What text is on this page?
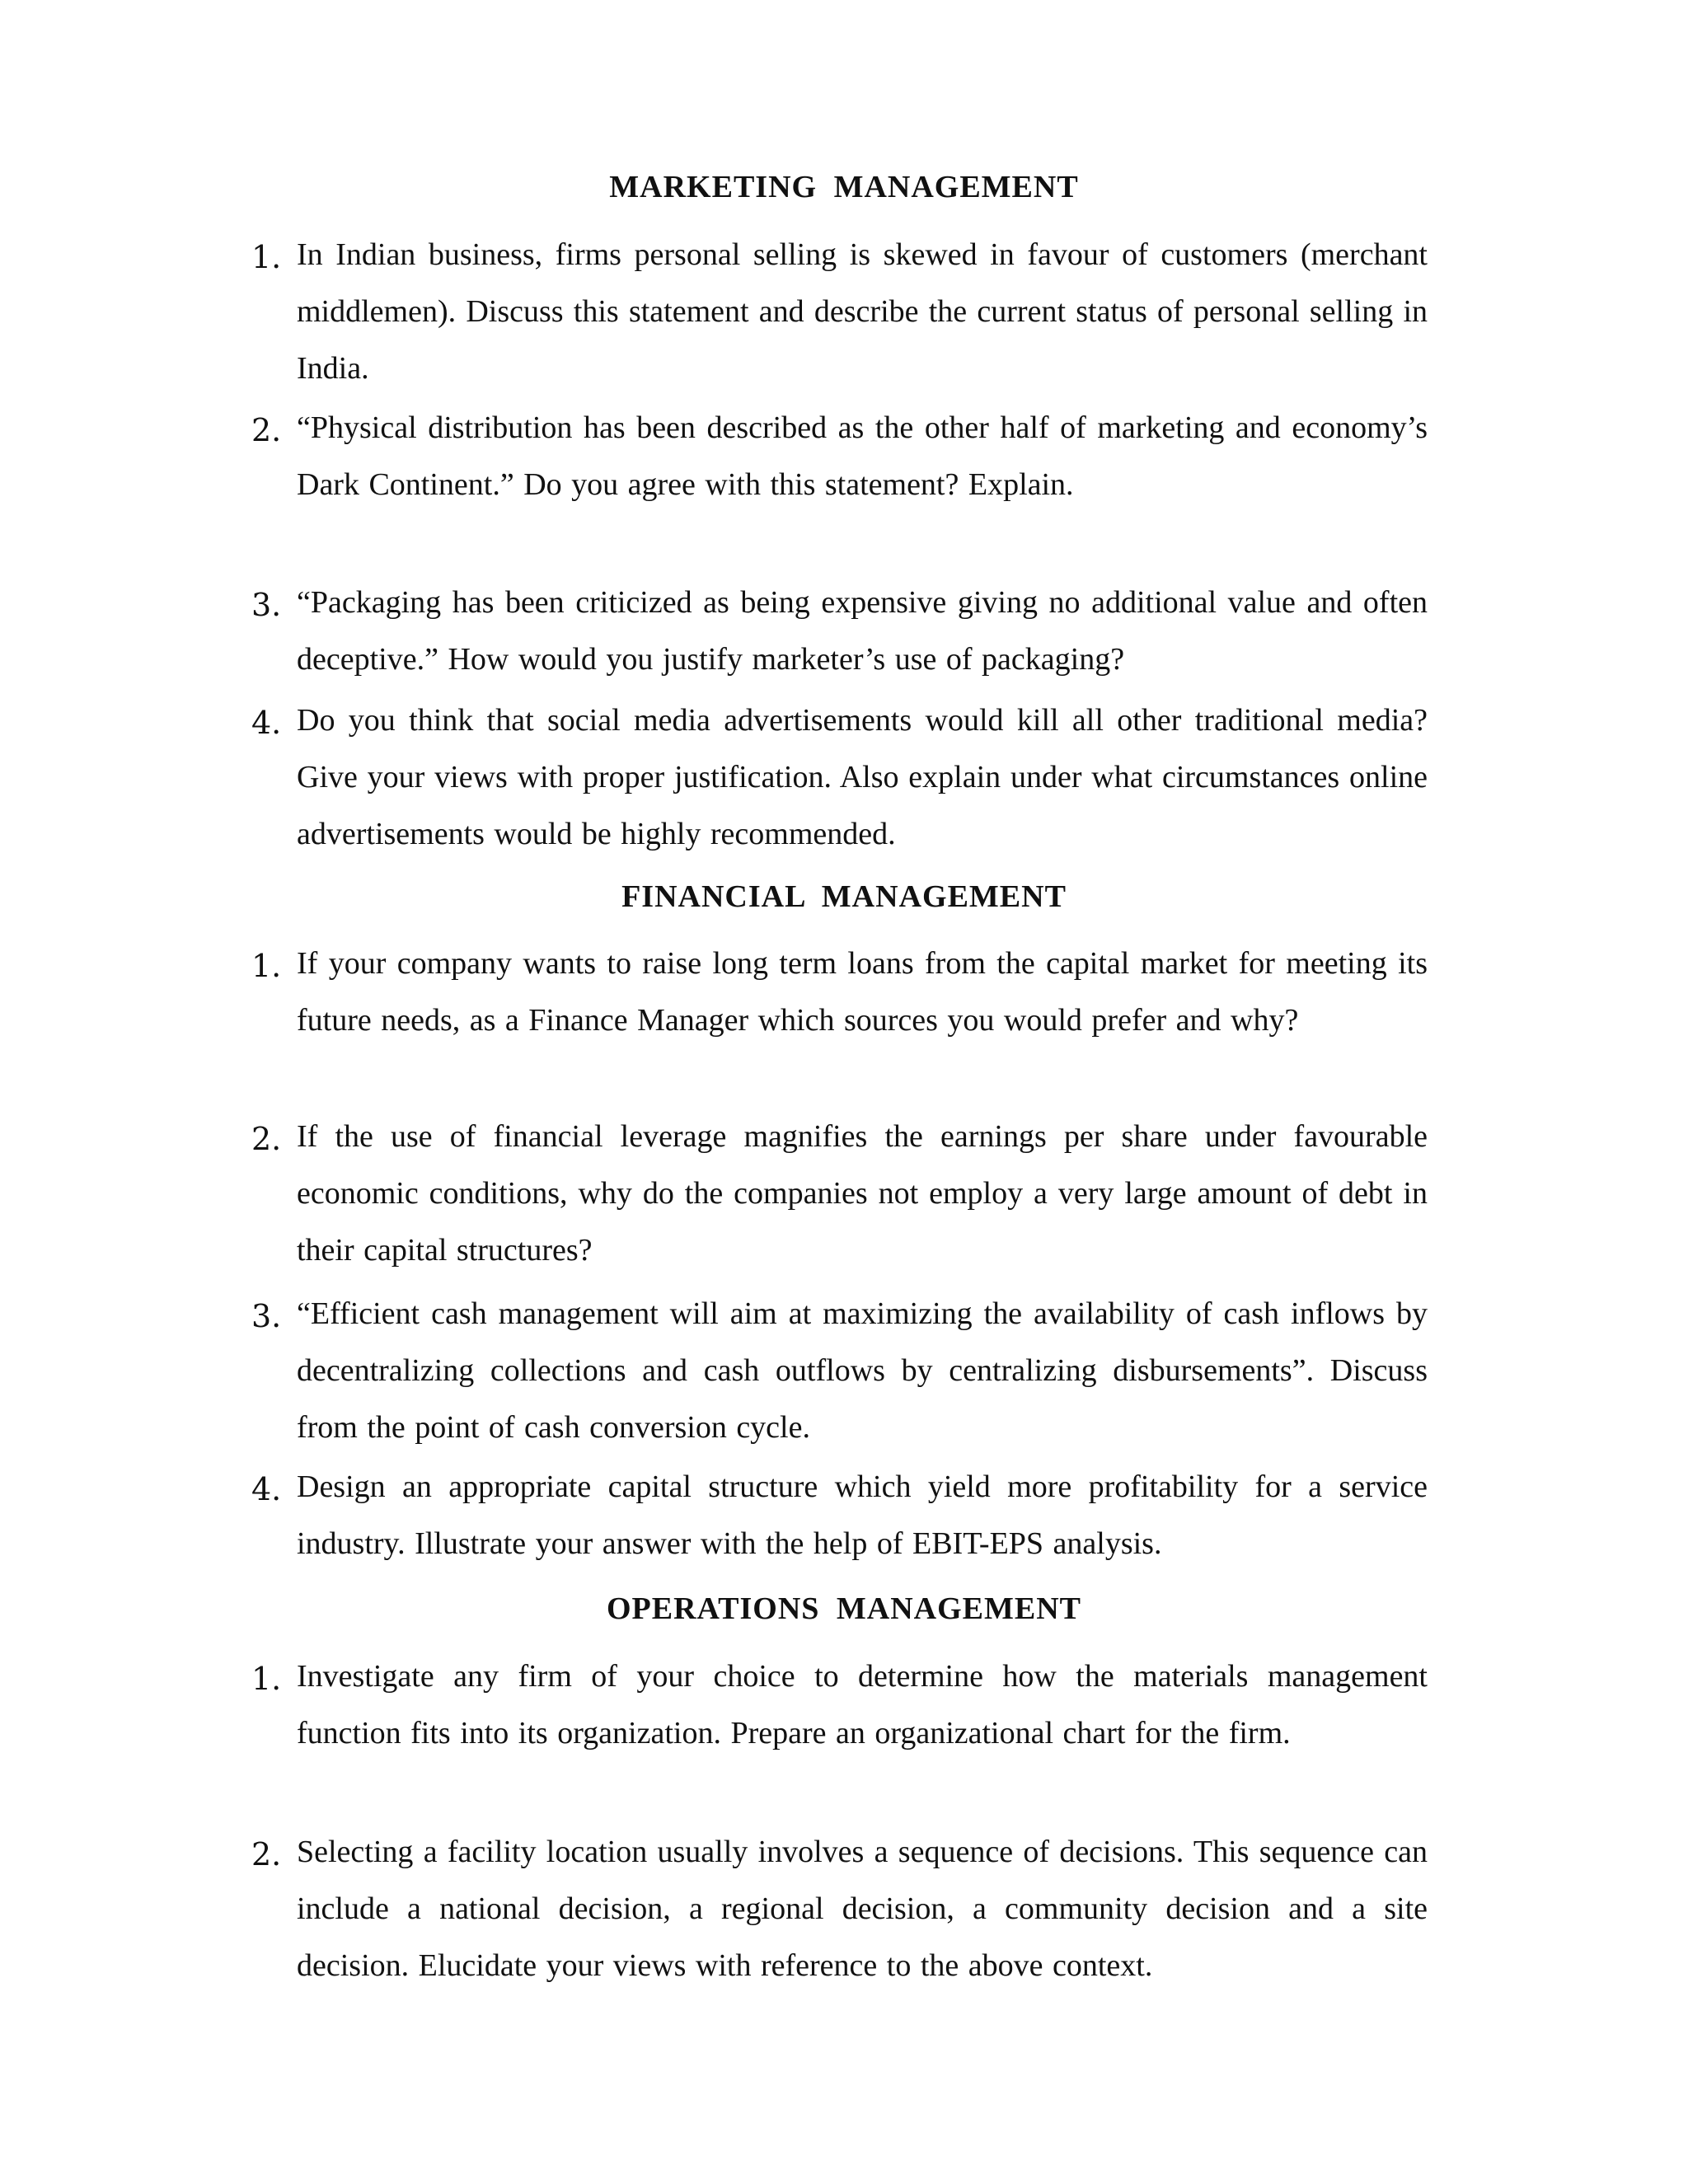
MARKETING MANAGEMENT
1. In Indian business, firms personal selling is skewed in favour of customers (merchant middlemen). Discuss this statement and describe the current status of personal selling in India.
2. “Physical distribution has been described as the other half of marketing and economy’s Dark Continent.” Do you agree with this statement? Explain.
3. “Packaging has been criticized as being expensive giving no additional value and often deceptive.” How would you justify marketer’s use of packaging?
4. Do you think that social media advertisements would kill all other traditional media? Give your views with proper justification. Also explain under what circumstances online advertisements would be highly recommended.
FINANCIAL MANAGEMENT
1. If your company wants to raise long term loans from the capital market for meeting its future needs, as a Finance Manager which sources you would prefer and why?
2. If the use of financial leverage magnifies the earnings per share under favourable economic conditions, why do the companies not employ a very large amount of debt in their capital structures?
3. “Efficient cash management will aim at maximizing the availability of cash inflows by decentralizing collections and cash outflows by centralizing disbursements”. Discuss from the point of cash conversion cycle.
4. Design an appropriate capital structure which yield more profitability for a service industry. Illustrate your answer with the help of EBIT-EPS analysis.
OPERATIONS MANAGEMENT
1. Investigate any firm of your choice to determine how the materials management function fits into its organization. Prepare an organizational chart for the firm.
2. Selecting a facility location usually involves a sequence of decisions. This sequence can include a national decision, a regional decision, a community decision and a site decision. Elucidate your views with reference to the above context.
